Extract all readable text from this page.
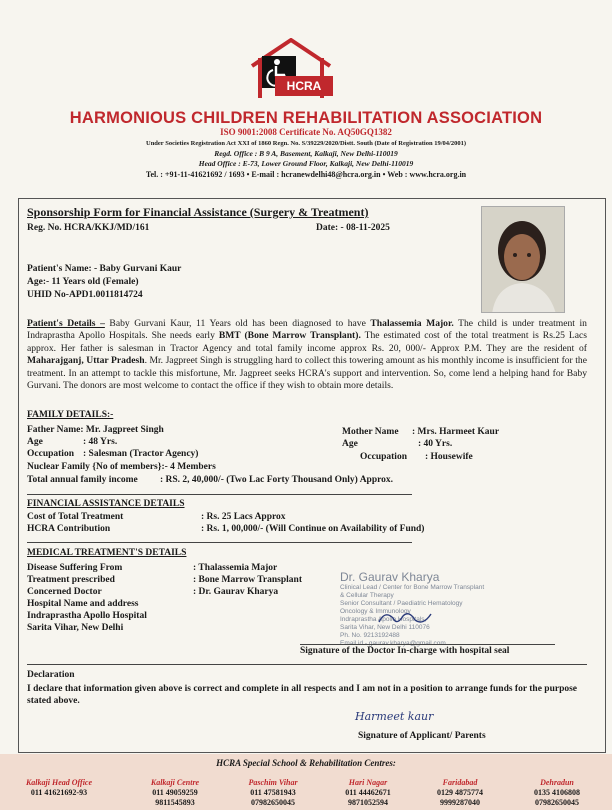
HCRA
HARMONIOUS CHILDREN REHABILITATION ASSOCIATION
ISO 9001:2008 Certificate No. AQ50GQ1382
Under Societies Registration Act XXI of 1860 Regn. No. S/39229/2020/Distt. South (Date of Registration 19/04/2001)
Regd. Office : B 9 A, Basement, Kalkaji, New Delhi-110019
Head Office : E-73, Lower Ground Floor, Kalkaji, New Delhi-110019
Tel. : +91-11-41621692 / 1693 • E-mail : hcranewdelhi48@hcra.org.in • Web : www.hcra.org.in
Sponsorship Form for Financial Assistance (Surgery & Treatment)
Reg. No. HCRA/KKJ/MD/161	Date: - 08-11-2025
Patient's Name: - Baby Gurvani Kaur
Age:- 11 Years old (Female)
UHID No-APD1.0011814724
Patient's Details – Baby Gurvani Kaur, 11 Years old has been diagnosed to have Thalassemia Major. The child is under treatment in Indraprastha Apollo Hospitals. She needs early BMT (Bone Marrow Transplant). The estimated cost of the total treatment is Rs.25 Lacs approx. Her father is salesman in Tractor Agency and total family income approx Rs. 20, 000/- Approx P.M. They are the resident of Maharajganj, Uttar Pradesh. Mr. Jagpreet Singh is struggling hard to collect this towering amount as his monthly income is insufficient for the treatment. In an attempt to tackle this misfortune, Mr. Jagpreet seeks HCRA's support and intervention. So, come lend a helping hand for Baby Gurvani. The donors are most welcome to contact the office if they wish to obtain more details.
FAMILY DETAILS:-
Father Name: Mr. Jagpreet Singh
Age	: 48 Yrs.
Occupation : Salesman (Tractor Agency)
Mother Name : Mrs. Harmeet Kaur
Age	: 40 Yrs.
Occupation : Housewife
Nuclear Family {No of members}:- 4 Members
Total annual family income : RS. 2, 40,000/- (Two Lac Forty Thousand Only) Approx.
FINANCIAL ASSISTANCE DETAILS
Cost of Total Treatment	: Rs. 25 Lacs Approx
HCRA Contribution	: Rs. 1, 00,000/- (Will Continue on Availability of Fund)
MEDICAL TREATMENT'S DETAILS
Disease Suffering From	: Thalassemia Major
Treatment prescribed	: Bone Marrow Transplant
Concerned Doctor	: Dr. Gaurav Kharya
Hospital Name and address
Indraprastha Apollo Hospital
Sarita Vihar, New Delhi
Dr. Gaurav Kharya
Clinical Lead / Center for Bone Marrow Transplant
& Cellular Therapy
Senior Consultant / Paediatric Hematology
Oncology & Immunology
Indraprastha Apollo Hospitals,
Sarita Vihar, New Delhi 110076
Ph. No. 9213192488
Signature of the Doctor In-charge with hospital seal
Declaration
I declare that information given above is correct and complete in all respects and I am not in a position to arrange funds for the purpose stated above.
Harmeet kaur
Signature of Applicant/ Parents
HCRA Special School & Rehabilitation Centres:
Kalkaji Head Office
011 41621692-93
Kalkaji Centre
011 49059259
9811545893
Paschim Vihar
011 47581943
07982650045
Hari Nagar
011 44462671
9871052594
Faridabad
0129 4875774
9999287040
Dehradun
0135 4106808
07982650045
